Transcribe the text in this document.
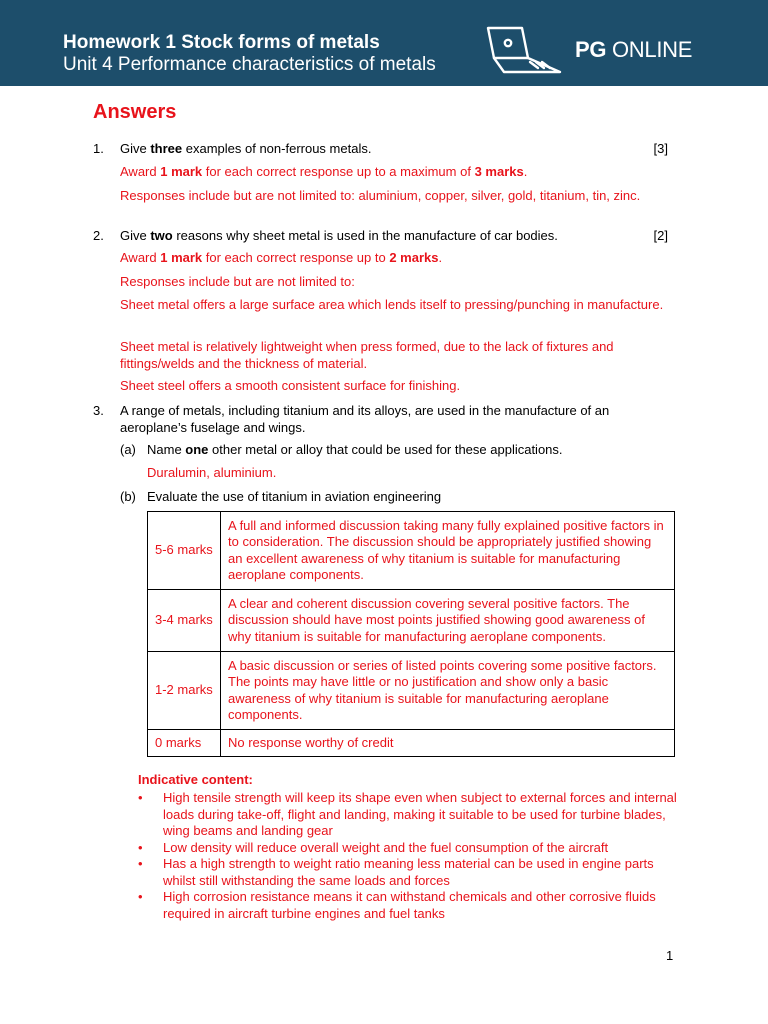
Homework 1 Stock forms of metals
Unit 4 Performance characteristics of metals
PG ONLINE
Answers
1. Give three examples of non-ferrous metals.	[3]
Award 1 mark for each correct response up to a maximum of 3 marks.
Responses include but are not limited to: aluminium, copper, silver, gold, titanium, tin, zinc.
2. Give two reasons why sheet metal is used in the manufacture of car bodies.	[2]
Award 1 mark for each correct response up to 2 marks.
Responses include but are not limited to:
Sheet metal offers a large surface area which lends itself to pressing/punching in manufacture.
Sheet metal is relatively lightweight when press formed, due to the lack of fixtures and fittings/welds and the thickness of material.
Sheet steel offers a smooth consistent surface for finishing.
3. A range of metals, including titanium and its alloys, are used in the manufacture of an aeroplane’s fuselage and wings.
(a) Name one other metal or alloy that could be used for these applications.
Duralumin, aluminium.
(b) Evaluate the use of titanium in aviation engineering
5-6 marks	A full and informed discussion taking many fully explained positive factors in to consideration. The discussion should be appropriately justified showing an excellent awareness of why titanium is suitable for manufacturing aeroplane components.
3-4 marks	A clear and coherent discussion covering several positive factors. The discussion should have most points justified showing good awareness of why titanium is suitable for manufacturing aeroplane components.
1-2 marks	A basic discussion or series of listed points covering some positive factors. The points may have little or no justification and show only a basic awareness of why titanium is suitable for manufacturing aeroplane components.
0 marks	No response worthy of credit
Indicative content:
• High tensile strength will keep its shape even when subject to external forces and internal loads during take-off, flight and landing, making it suitable to be used for turbine blades, wing beams and landing gear
• Low density will reduce overall weight and the fuel consumption of the aircraft
• Has a high strength to weight ratio meaning less material can be used in engine parts whilst still withstanding the same loads and forces
• High corrosion resistance means it can withstand chemicals and other corrosive fluids required in aircraft turbine engines and fuel tanks
1
